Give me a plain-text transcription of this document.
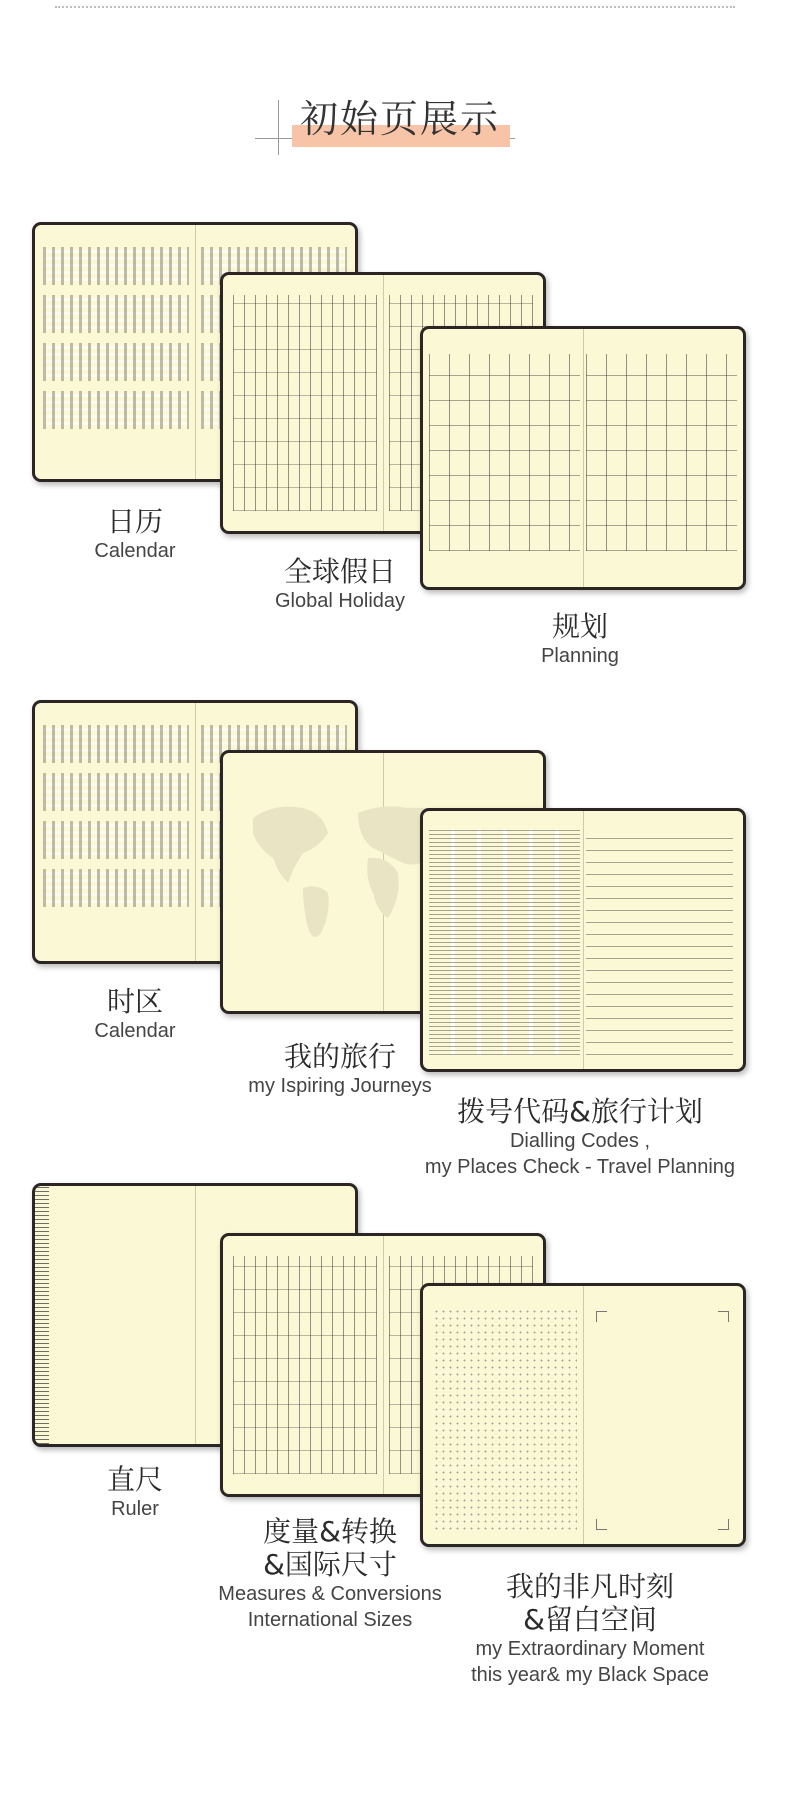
初始页展示
日历
Calendar
全球假日
Global Holiday
规划
Planning
时区
Calendar
我的旅行
my Ispiring Journeys
拨号代码&旅行计划
Dialling Codes ,
my Places Check - Travel Planning
直尺
Ruler
度量&转换
&国际尺寸
Measures & Conversions
International Sizes
我的非凡时刻
&留白空间
my Extraordinary Moment
this year& my Black Space
